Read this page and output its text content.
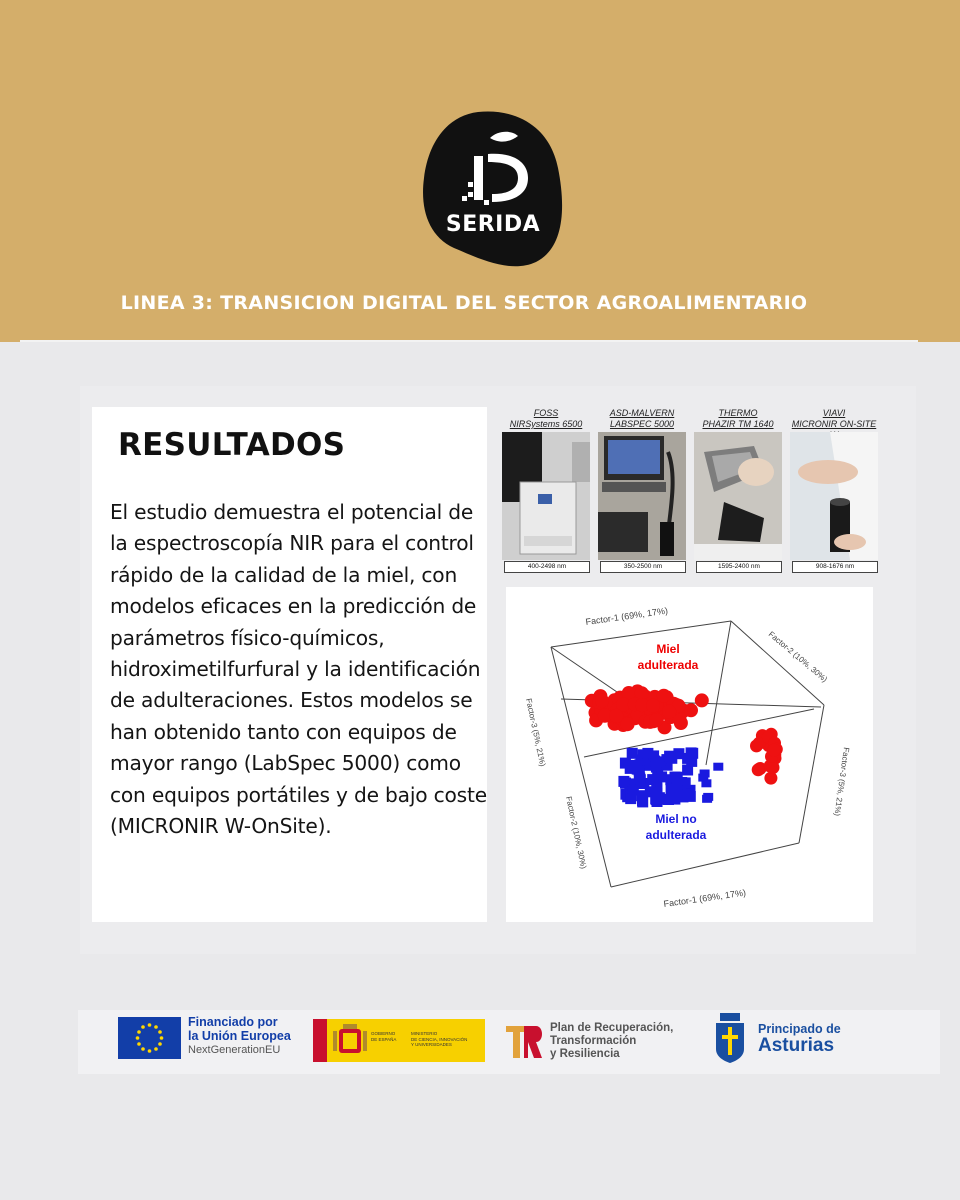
SERIDA
LINEA 3: TRANSICION DIGITAL DEL SECTOR AGROALIMENTARIO
RESULTADOS

El estudio demuestra el potencial de la espectroscopía NIR para el control rápido de la calidad de la miel, con modelos eficaces en la predicción de parámetros físico-químicos, hidroximetilfurfural y la identificación de adulteraciones. Estos modelos se han obtenido tanto con equipos de mayor rango (LabSpec 5000) como con equipos portátiles y de bajo coste (MICRONIR W-OnSite).

FOSS
NIRSystems 6500
400-2498 nm
ASD-MALVERN
LABSPEC 5000
350-2500 nm
THERMO
PHAZIR TM 1640
1595-2400 nm
VIAVI
MICRONIR ON-SITE
908-1676 nm
Factor-1 (69%, 17%)
Factor-1 (69%, 17%)
Factor-3 (5%, 21%)
Factor-2 (10%, 30%)
Factor-3 (5%, 21%)
Factor-2 (10%, 30%)
Miel
adulterada
Miel no
adulterada
Financiado por
la Unión Europea
NextGenerationEU
GOBIERNO
DE ESPAÑA
MINISTERIO
DE CIENCIA, INNOVACIÓN
Y UNIVERSIDADES
Plan de Recuperación,
Transformación
y Resiliencia
Principado de
Asturias
